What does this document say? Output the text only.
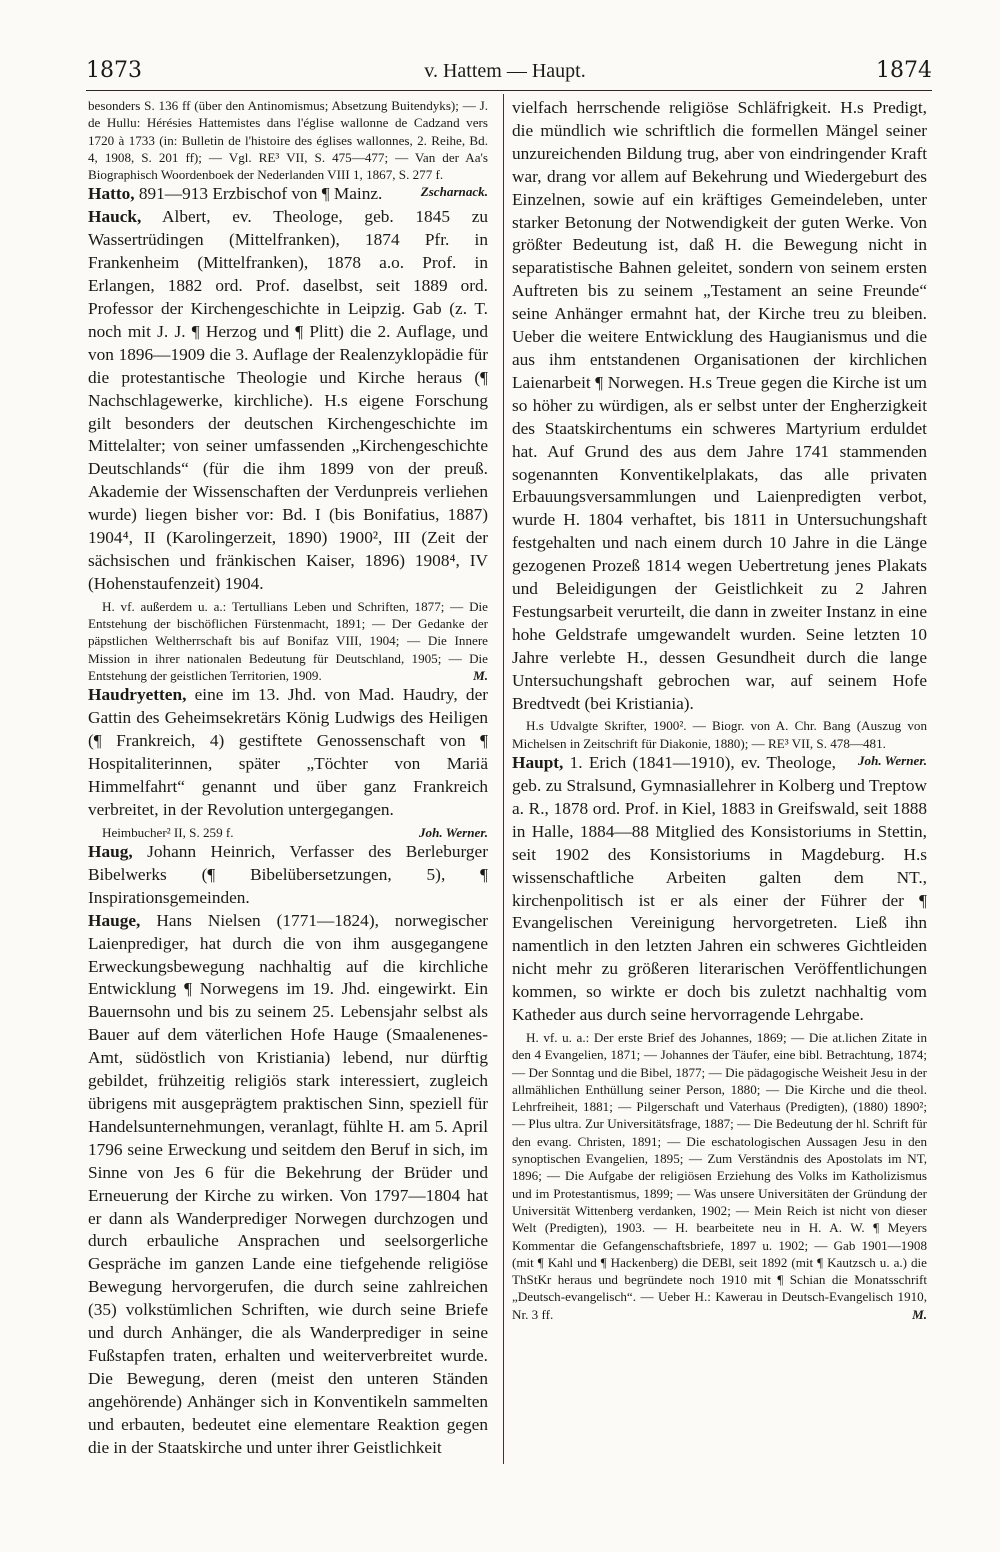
1873	v. Hattem — Haupt.	1874

besonders S. 136 ff (über den Antinomismus; Absetzung Buitendyks); — J. de Hullu: Hérésies Hattemistes dans l'église wallonne de Cadzand vers 1720 à 1733 (in: Bulletin de l'histoire des églises wallonnes, 2. Reihe, Bd. 4, 1908, S. 201 ff); — Vgl. RE³ VII, S. 475—477; — Van der Aa's Biographisch Woordenboek der Nederlanden VIII 1, 1867, S. 277 f.
Zscharnack.

Hatto, 891—913 Erzbischof von ¶ Mainz.

Hauck, Albert, ev. Theologe, geb. 1845 zu Wassertrüdingen (Mittelfranken), 1874 Pfr. in Frankenheim (Mittelfranken), 1878 a.o. Prof. in Erlangen, 1882 ord. Prof. daselbst, seit 1889 ord. Professor der Kirchengeschichte in Leipzig. Gab (z. T. noch mit J. J. ¶ Herzog und ¶ Plitt) die 2. Auflage, und von 1896—1909 die 3. Auflage der Realenzyklopädie für die protestantische Theologie und Kirche heraus (¶ Nachschlagewerke, kirchliche). H.s eigene Forschung gilt besonders der deutschen Kirchengeschichte im Mittelalter; von seiner umfassenden „Kirchengeschichte Deutschlands“ (für die ihm 1899 von der preuß. Akademie der Wissenschaften der Verdunpreis verliehen wurde) liegen bisher vor: Bd. I (bis Bonifatius, 1887) 1904⁴, II (Karolingerzeit, 1890) 1900², III (Zeit der sächsischen und fränkischen Kaiser, 1896) 1908⁴, IV (Hohenstaufenzeit) 1904.

H. vf. außerdem u. a.: Tertullians Leben und Schriften, 1877; — Die Entstehung der bischöflichen Fürstenmacht, 1891; — Der Gedanke der päpstlichen Weltherrschaft bis auf Bonifaz VIII, 1904; — Die Innere Mission in ihrer nationalen Bedeutung für Deutschland, 1905; — Die Entstehung der geistlichen Territorien, 1909.	M.

Haudryetten, eine im 13. Jhd. von Mad. Haudry, der Gattin des Geheimsekretärs König Ludwigs des Heiligen (¶ Frankreich, 4) gestiftete Genossenschaft von ¶ Hospitaliterinnen, später „Töchter von Mariä Himmelfahrt“ genannt und über ganz Frankreich verbreitet, in der Revolution untergegangen.

Heimbucher² II, S. 259 f.	Joh. Werner.

Haug, Johann Heinrich, Verfasser des Berleburger Bibelwerks (¶ Bibelübersetzungen, 5), ¶ Inspirationsgemeinden.

Hauge, Hans Nielsen (1771—1824), norwegischer Laienprediger, hat durch die von ihm ausgegangene Erweckungsbewegung nachhaltig auf die kirchliche Entwicklung ¶ Norwegens im 19. Jhd. eingewirkt. Ein Bauernsohn und bis zu seinem 25. Lebensjahr selbst als Bauer auf dem väterlichen Hofe Hauge (Smaalenenes-Amt, südöstlich von Kristiania) lebend, nur dürftig gebildet, frühzeitig religiös stark interessiert, zugleich übrigens mit ausgeprägtem praktischen Sinn, speziell für Handelsunternehmungen, veranlagt, fühlte H. am 5. April 1796 seine Erweckung und seitdem den Beruf in sich, im Sinne von Jes 6 für die Bekehrung der Brüder und Erneuerung der Kirche zu wirken. Von 1797—1804 hat er dann als Wanderprediger Norwegen durchzogen und durch erbauliche Ansprachen und seelsorgerliche Gespräche im ganzen Lande eine tiefgehende religiöse Bewegung hervorgerufen, die durch seine zahlreichen (35) volkstümlichen Schriften, wie durch seine Briefe und durch Anhänger, die als Wanderprediger in seine Fußstapfen traten, erhalten und weiterverbreitet wurde. Die Bewegung, deren (meist den unteren Ständen angehörende) Anhänger sich in Konventikeln sammelten und erbauten, bedeutet eine elementare Reaktion gegen die in der Staatskirche und unter ihrer Geistlichkeit

vielfach herrschende religiöse Schläfrigkeit. H.s Predigt, die mündlich wie schriftlich die formellen Mängel seiner unzureichenden Bildung trug, aber von eindringender Kraft war, drang vor allem auf Bekehrung und Wiedergeburt des Einzelnen, sowie auf ein kräftiges Gemeindeleben, unter starker Betonung der Notwendigkeit der guten Werke. Von größter Bedeutung ist, daß H. die Bewegung nicht in separatistische Bahnen geleitet, sondern von seinem ersten Auftreten bis zu seinem „Testament an seine Freunde“ seine Anhänger ermahnt hat, der Kirche treu zu bleiben. Ueber die weitere Entwicklung des Haugianismus und die aus ihm entstandenen Organisationen der kirchlichen Laienarbeit ¶ Norwegen. H.s Treue gegen die Kirche ist um so höher zu würdigen, als er selbst unter der Engherzigkeit des Staatskirchentums ein schweres Martyrium erduldet hat. Auf Grund des aus dem Jahre 1741 stammenden sogenannten Konventikelplakats, das alle privaten Erbauungsversammlungen und Laienpredigten verbot, wurde H. 1804 verhaftet, bis 1811 in Untersuchungshaft festgehalten und nach einem durch 10 Jahre in die Länge gezogenen Prozeß 1814 wegen Uebertretung jenes Plakats und Beleidigungen der Geistlichkeit zu 2 Jahren Festungsarbeit verurteilt, die dann in zweiter Instanz in eine hohe Geldstrafe umgewandelt wurden. Seine letzten 10 Jahre verlebte H., dessen Gesundheit durch die lange Untersuchungshaft gebrochen war, auf seinem Hofe Bredtvedt (bei Kristiania).

H.s Udvalgte Skrifter, 1900². — Biogr. von A. Chr. Bang (Auszug von Michelsen in Zeitschrift für Diakonie, 1880); — RE³ VII, S. 478—481.
Joh. Werner.

Haupt, 1. Erich (1841—1910), ev. Theologe, geb. zu Stralsund, Gymnasiallehrer in Kolberg und Treptow a. R., 1878 ord. Prof. in Kiel, 1883 in Greifswald, seit 1888 in Halle, 1884—88 Mitglied des Konsistoriums in Stettin, seit 1902 des Konsistoriums in Magdeburg. H.s wissenschaftliche Arbeiten galten dem NT., kirchenpolitisch ist er als einer der Führer der ¶ Evangelischen Vereinigung hervorgetreten. Ließ ihn namentlich in den letzten Jahren ein schweres Gichtleiden nicht mehr zu größeren literarischen Veröffentlichungen kommen, so wirkte er doch bis zuletzt nachhaltig vom Katheder aus durch seine hervorragende Lehrgabe.

H. vf. u. a.: Der erste Brief des Johannes, 1869; — Die at.lichen Zitate in den 4 Evangelien, 1871; — Johannes der Täufer, eine bibl. Betrachtung, 1874; — Der Sonntag und die Bibel, 1877; — Die pädagogische Weisheit Jesu in der allmählichen Enthüllung seiner Person, 1880; — Die Kirche und die theol. Lehrfreiheit, 1881; — Pilgerschaft und Vaterhaus (Predigten), (1880) 1890²; — Plus ultra. Zur Universitätsfrage, 1887; — Die Bedeutung der hl. Schrift für den evang. Christen, 1891; — Die eschatologischen Aussagen Jesu in den synoptischen Evangelien, 1895; — Zum Verständnis des Apostolats im NT, 1896; — Die Aufgabe der religiösen Erziehung des Volks im Katholizismus und im Protestantismus, 1899; — Was unsere Universitäten der Gründung der Universität Wittenberg verdanken, 1902; — Mein Reich ist nicht von dieser Welt (Predigten), 1903. — H. bearbeitete neu in H. A. W. ¶ Meyers Kommentar die Gefangenschaftsbriefe, 1897 u. 1902; — Gab 1901—1908 (mit ¶ Kahl und ¶ Hackenberg) die DEBl, seit 1892 (mit ¶ Kautzsch u. a.) die ThStKr heraus und begründete noch 1910 mit ¶ Schian die Monatsschrift „Deutsch-evangelisch“. — Ueber H.: Kawerau in Deutsch-Evangelisch 1910, Nr. 3 ff.	M.
